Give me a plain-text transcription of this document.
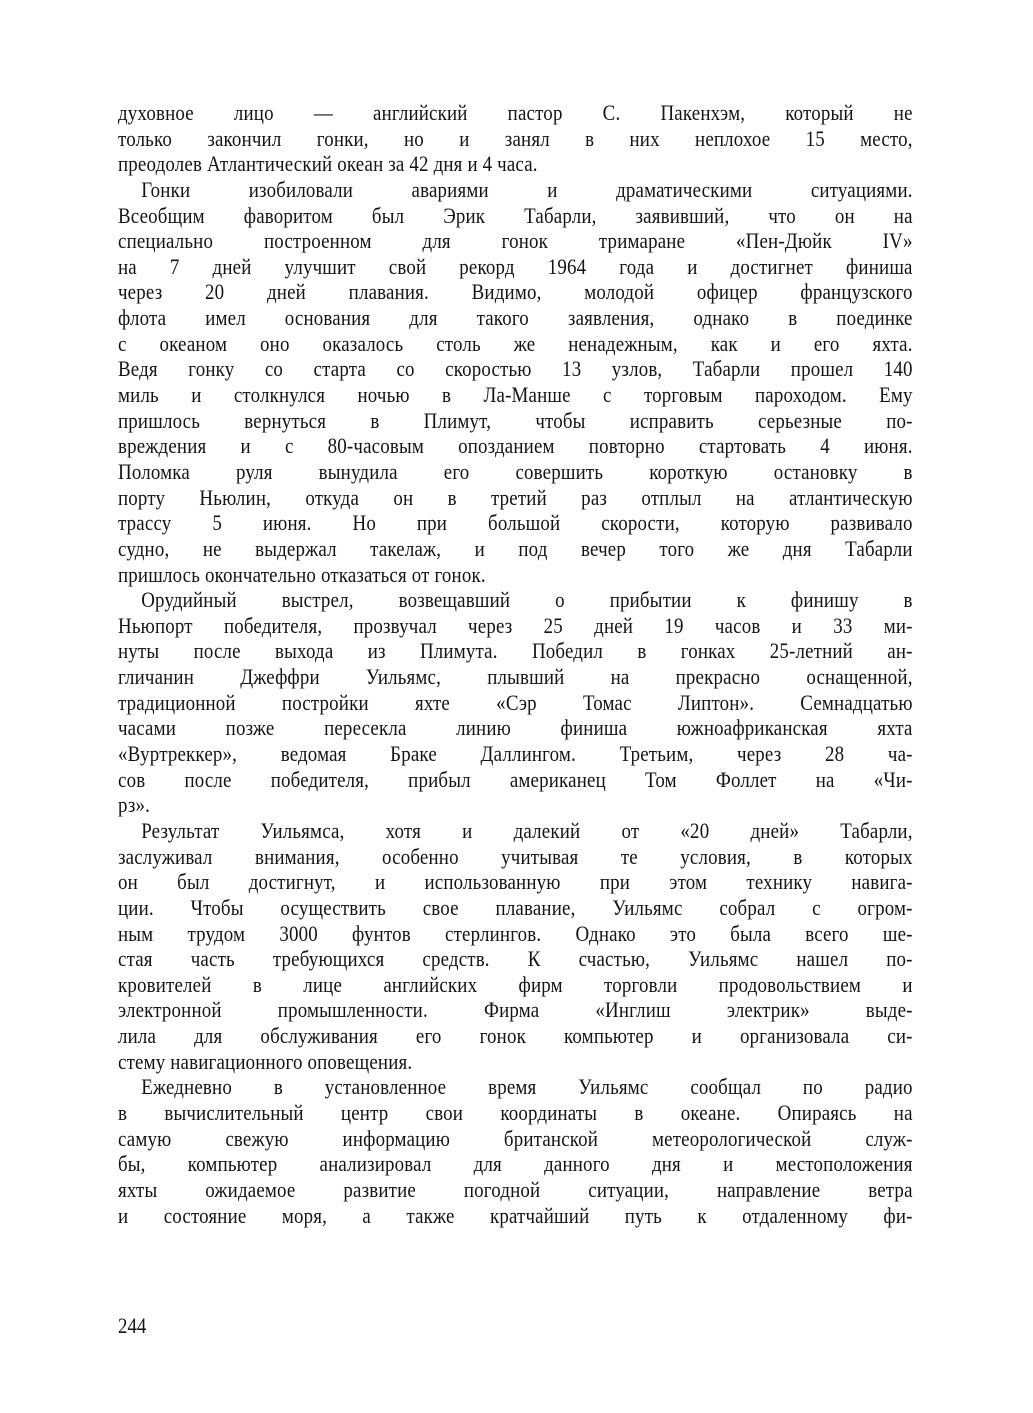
духовное лицо — английский пастор С. Пакенхэм, который не
только закончил гонки, но и занял в них неплохое 15 место,
преодолев Атлантический океан за 42 дня и 4 часа.
Гонки изобиловали авариями и драматическими ситуациями.
Всеобщим фаворитом был Эрик Табарли, заявивший, что он на
специально построенном для гонок тримаране «Пен-Дюйк IV»
на 7 дней улучшит свой рекорд 1964 года и достигнет финиша
через 20 дней плавания. Видимо, молодой офицер французского
флота имел основания для такого заявления, однако в поединке
с океаном оно оказалось столь же ненадежным, как и его яхта.
Ведя гонку со старта со скоростью 13 узлов, Табарли прошел 140
миль и столкнулся ночью в Ла-Манше с торговым пароходом. Ему
пришлось вернуться в Плимут, чтобы исправить серьезные по-
вреждения и с 80-часовым опозданием повторно стартовать 4 июня.
Поломка руля вынудила его совершить короткую остановку в
порту Ньюлин, откуда он в третий раз отплыл на атлантическую
трассу 5 июня. Но при большой скорости, которую развивало
судно, не выдержал такелаж, и под вечер того же дня Табарли
пришлось окончательно отказаться от гонок.
Орудийный выстрел, возвещавший о прибытии к финишу в
Ньюпорт победителя, прозвучал через 25 дней 19 часов и 33 ми-
нуты после выхода из Плимута. Победил в гонках 25-летний ан-
гличанин Джеффри Уильямс, плывший на прекрасно оснащенной,
традиционной постройки яхте «Сэр Томас Липтон». Семнадцатью
часами позже пересекла линию финиша южноафриканская яхта
«Вуртреккер», ведомая Браке Даллингом. Третьим, через 28 ча-
сов после победителя, прибыл американец Том Фоллет на «Чи-
рз».
Результат Уильямса, хотя и далекий от «20 дней» Табарли,
заслуживал внимания, особенно учитывая те условия, в которых
он был достигнут, и использованную при этом технику навига-
ции. Чтобы осуществить свое плавание, Уильямс собрал с огром-
ным трудом 3000 фунтов стерлингов. Однако это была всего ше-
стая часть требующихся средств. К счастью, Уильямс нашел по-
кровителей в лице английских фирм торговли продовольствием и
электронной промышленности. Фирма «Инглиш электрик» выде-
лила для обслуживания его гонок компьютер и организовала си-
стему навигационного оповещения.
Ежедневно в установленное время Уильямс сообщал по радио
в вычислительный центр свои координаты в океане. Опираясь на
самую свежую информацию британской метеорологической служ-
бы, компьютер анализировал для данного дня и местоположения
яхты ожидаемое развитие погодной ситуации, направление ветра
и состояние моря, а также кратчайший путь к отдаленному фи-
244
